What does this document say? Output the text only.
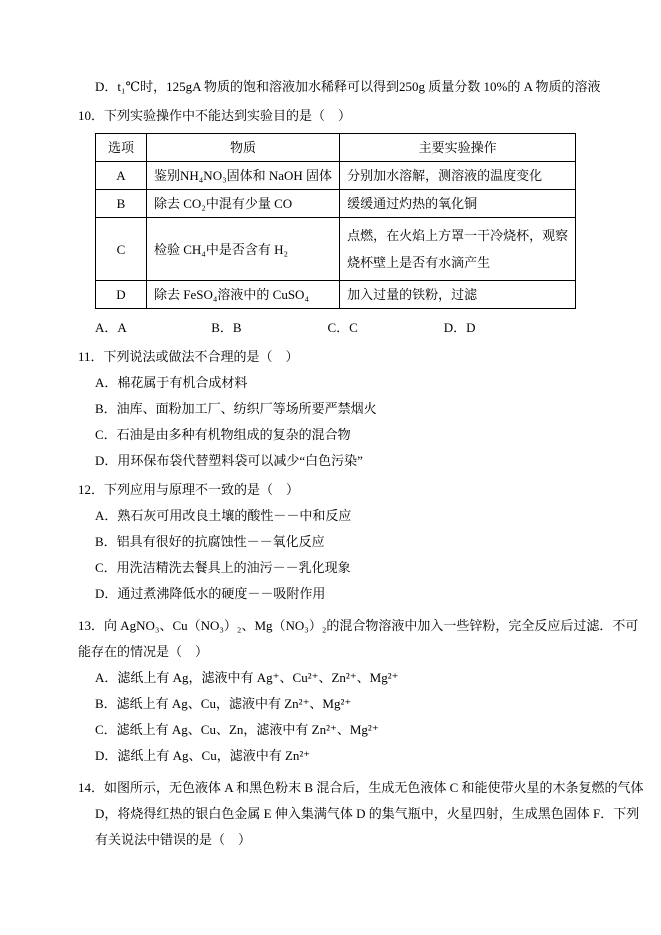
D．t₁℃时，125gA 物质的饱和溶液加水稀释可以得到250g 质量分数 10%的 A 物质的溶液
10．下列实验操作中不能达到实验目的是（　）
选项	物质	主要实验操作
A	鉴别NH₄NO₃固体和 NaOH 固体	分别加水溶解，测溶液的温度变化
B	除去 CO₂中混有少量 CO	缓缓通过灼热的氧化铜
C	检验 CH₄中是否含有 H₂	点燃，在火焰上方罩一干冷烧杯，观察
烧杯壁上是否有水滴产生

D	除去 FeSO₄溶液中的 CuSO₄	加入过量的铁粉，过滤
A．A	B．B	C．C	D．D
11．下列说法或做法不合理的是（　）
A．棉花属于有机合成材料
B．油库、面粉加工厂、纺织厂等场所要严禁烟火
C．石油是由多种有机物组成的复杂的混合物
D．用环保布袋代替塑料袋可以减少“白色污染”
12．下列应用与原理不一致的是（　）
A．熟石灰可用改良土壤的酸性－－中和反应
B．铝具有很好的抗腐蚀性－－氧化反应
C．用洗洁精洗去餐具上的油污－－乳化现象
D．通过煮沸降低水的硬度－－吸附作用
13．向 AgNO₃、Cu（NO₃）₂、Mg（NO₃）₂的混合物溶液中加入一些锌粉，完全反应后过滤．不可
能存在的情况是（　）
A．滤纸上有 Ag，滤液中有 Ag⁺、Cu²⁺、Zn²⁺、Mg²⁺
B．滤纸上有 Ag、Cu，滤液中有 Zn²⁺、Mg²⁺
C．滤纸上有 Ag、Cu、Zn，滤液中有 Zn²⁺、Mg²⁺
D．滤纸上有 Ag、Cu，滤液中有 Zn²⁺
14．如图所示，无色液体 A 和黑色粉末 B 混合后，生成无色液体 C 和能使带火星的木条复燃的气体
D，将烧得红热的银白色金属 E 伸入集满气体 D 的集气瓶中，火星四射，生成黑色固体 F．下列
有关说法中错误的是（　）
